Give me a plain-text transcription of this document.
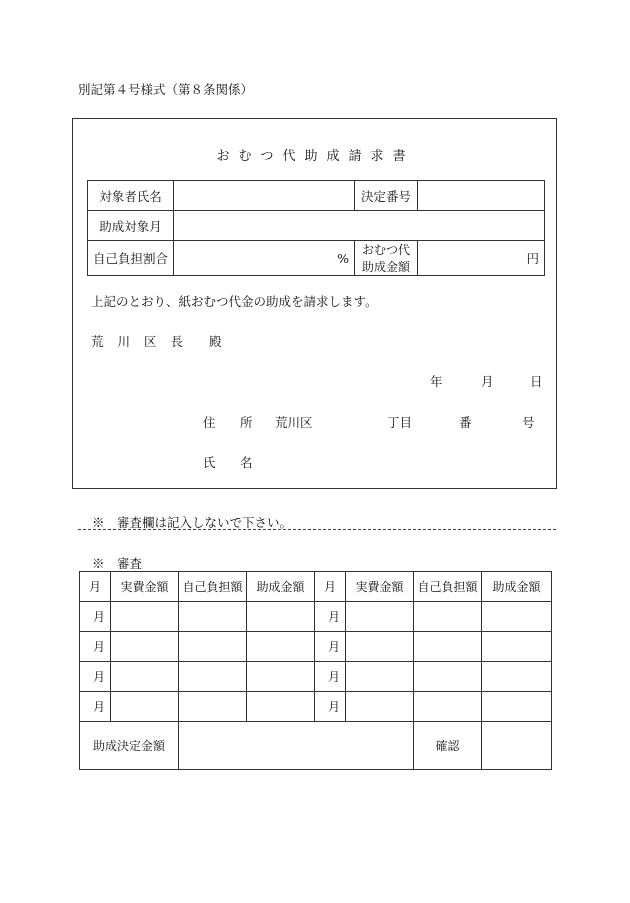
別記第４号様式（第８条関係）
おむつ代助成請求書
対象者氏名		決定番号	
助成対象月			
自己負担割合	%	おむつ代助成金額	円
上記のとおり、紙おむつ代金の助成を請求します。
荒 川 区 長 殿
年	月	日
住 所 荒川区	丁目	番	号
氏 名
※　審査欄は記入しないで下さい。
※　審査
月	実費金額	自己負担額	助成金額	月	実費金額	自己負担額	助成金額
月				月			
月				月			
月				月			
月				月			
助成決定金額						確認	
